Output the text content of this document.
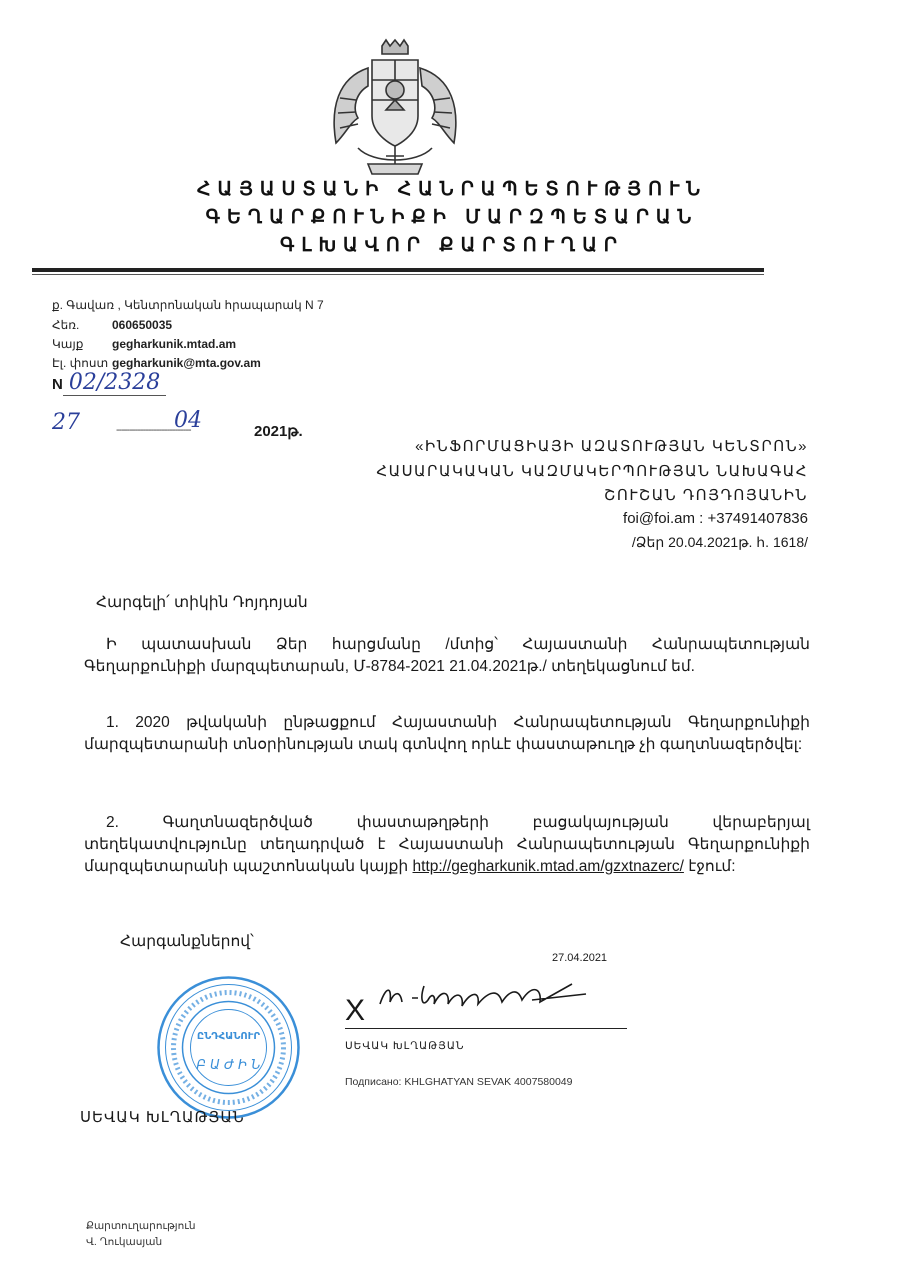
ՀԱՅԱՍՏԱՆԻ ՀԱՆՐԱՊԵՏՈՒԹՅՈՒՆ
ԳԵՂԱՐՔՈՒՆԻՔԻ ՄԱՐԶՊԵՏԱՐԱՆ
ԳԼԽԱՎՈՐ ՔԱՐՏՈՒՂԱՐ
ք. Գավառ , Կենտրոնական հրապարակ N 7
Հեռ.	060650035
Կայք gegharkunik.mtad.am
Էլ. փոստ gegharkunik@mta.gov.am
N 02/2328
27	----------------------------
04	2021թ.
«ԻՆՖՈՐՄԱՑԻԱՅԻ ԱԶԱՏՈՒԹՅԱՆ ԿԵՆՏՐՈՆ»
ՀԱՍԱՐԱԿԱԿԱՆ ԿԱԶՄԱԿԵՐՊՈՒԹՅԱՆ ՆԱԽԱԳԱՀ
ՇՈՒՇԱՆ ԴՈՅԴՈՅԱՆԻՆ
foi@foi.am : +37491407836
/Ձեր 20.04.2021թ. հ. 1618/
Հարգելի՛ տիկին Դոյդոյան
Ի պատասխան Ձեր հարցմանը /մտից՝ Հայաստանի Հանրապետության Գեղարքունիքի մարզպետարան, Մ-8784-2021 21.04.2021թ./ տեղեկացնում եմ.
1. 2020 թվականի ընթացքում Հայաստանի Հանրապետության Գեղարքունիքի մարզպետարանի տնօրինության տակ գտնվող որևէ փաստաթուղթ չի գաղտնազերծվել:
2. Գաղտնազերծված փաստաթղթերի բացակայության վերաբերյալ տեղեկատվությունը տեղադրված է Հայաստանի Հանրապետության Գեղարքունիքի մարզպետարանի պաշտոնական կայքի http://gegharkunik.mtad.am/gzxtnazerc/ էջում:
Հարգանքներով՝
27.04.2021
X
ՍԵՎԱԿ ԽԼՂԱԹՅԱՆ
Подписано: KHLGHATYAN SEVAK 4007580049
ԸՆԴՀԱՆՈՒՐ
Բ Ա Ժ Ի Ն
ՍԵՎԱԿ ԽԼՂԱԹՅԱՆ
Քարտուղարություն
Վ. Ղուկասյան
